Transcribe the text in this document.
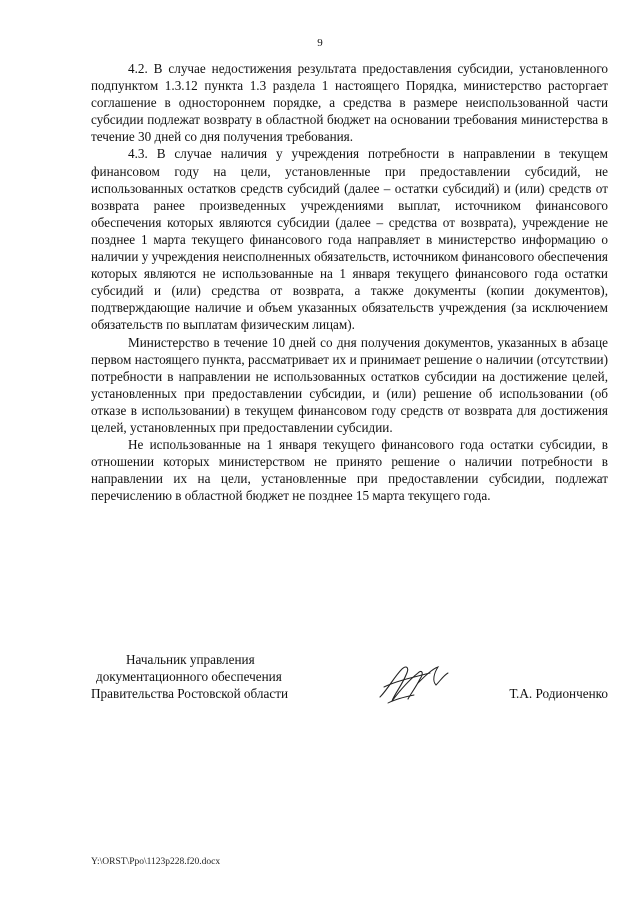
9

4.2. В случае недостижения результата предоставления субсидии, установленного подпунктом 1.3.12 пункта 1.3 раздела 1 настоящего Порядка, министерство расторгает соглашение в одностороннем порядке, а средства в размере неиспользованной части субсидии подлежат возврату в областной бюджет на основании требования министерства в течение 30 дней со дня получения требования.

4.3. В случае наличия у учреждения потребности в направлении в текущем финансовом году на цели, установленные при предоставлении субсидий, не использованных остатков средств субсидий (далее – остатки субсидий) и (или) средств от возврата ранее произведенных учреждениями выплат, источником финансового обеспечения которых являются субсидии (далее – средства от возврата), учреждение не позднее 1 марта текущего финансового года направляет в министерство информацию о наличии у учреждения неисполненных обязательств, источником финансового обеспечения которых являются не использованные на 1 января текущего финансового года остатки субсидий и (или) средства от возврата, а также документы (копии документов), подтверждающие наличие и объем указанных обязательств учреждения (за исключением обязательств по выплатам физическим лицам).

Министерство в течение 10 дней со дня получения документов, указанных в абзаце первом настоящего пункта, рассматривает их и принимает решение о наличии (отсутствии) потребности в направлении не использованных остатков субсидии на достижение целей, установленных при предоставлении субсидии, и (или) решение об использовании (об отказе в использовании) в текущем финансовом году средств от возврата для достижения целей, установленных при предоставлении субсидии.

Не использованные на 1 января текущего финансового года остатки субсидии, в отношении которых министерством не принято решение о наличии потребности в направлении их на цели, установленные при предоставлении субсидии, подлежат перечислению в областной бюджет не позднее 15 марта текущего года.

Начальник управления
документационного обеспечения
Правительства Ростовской области	Т.А. Родионченко
Y:\ORST\Ppo\1123p228.f20.docx
